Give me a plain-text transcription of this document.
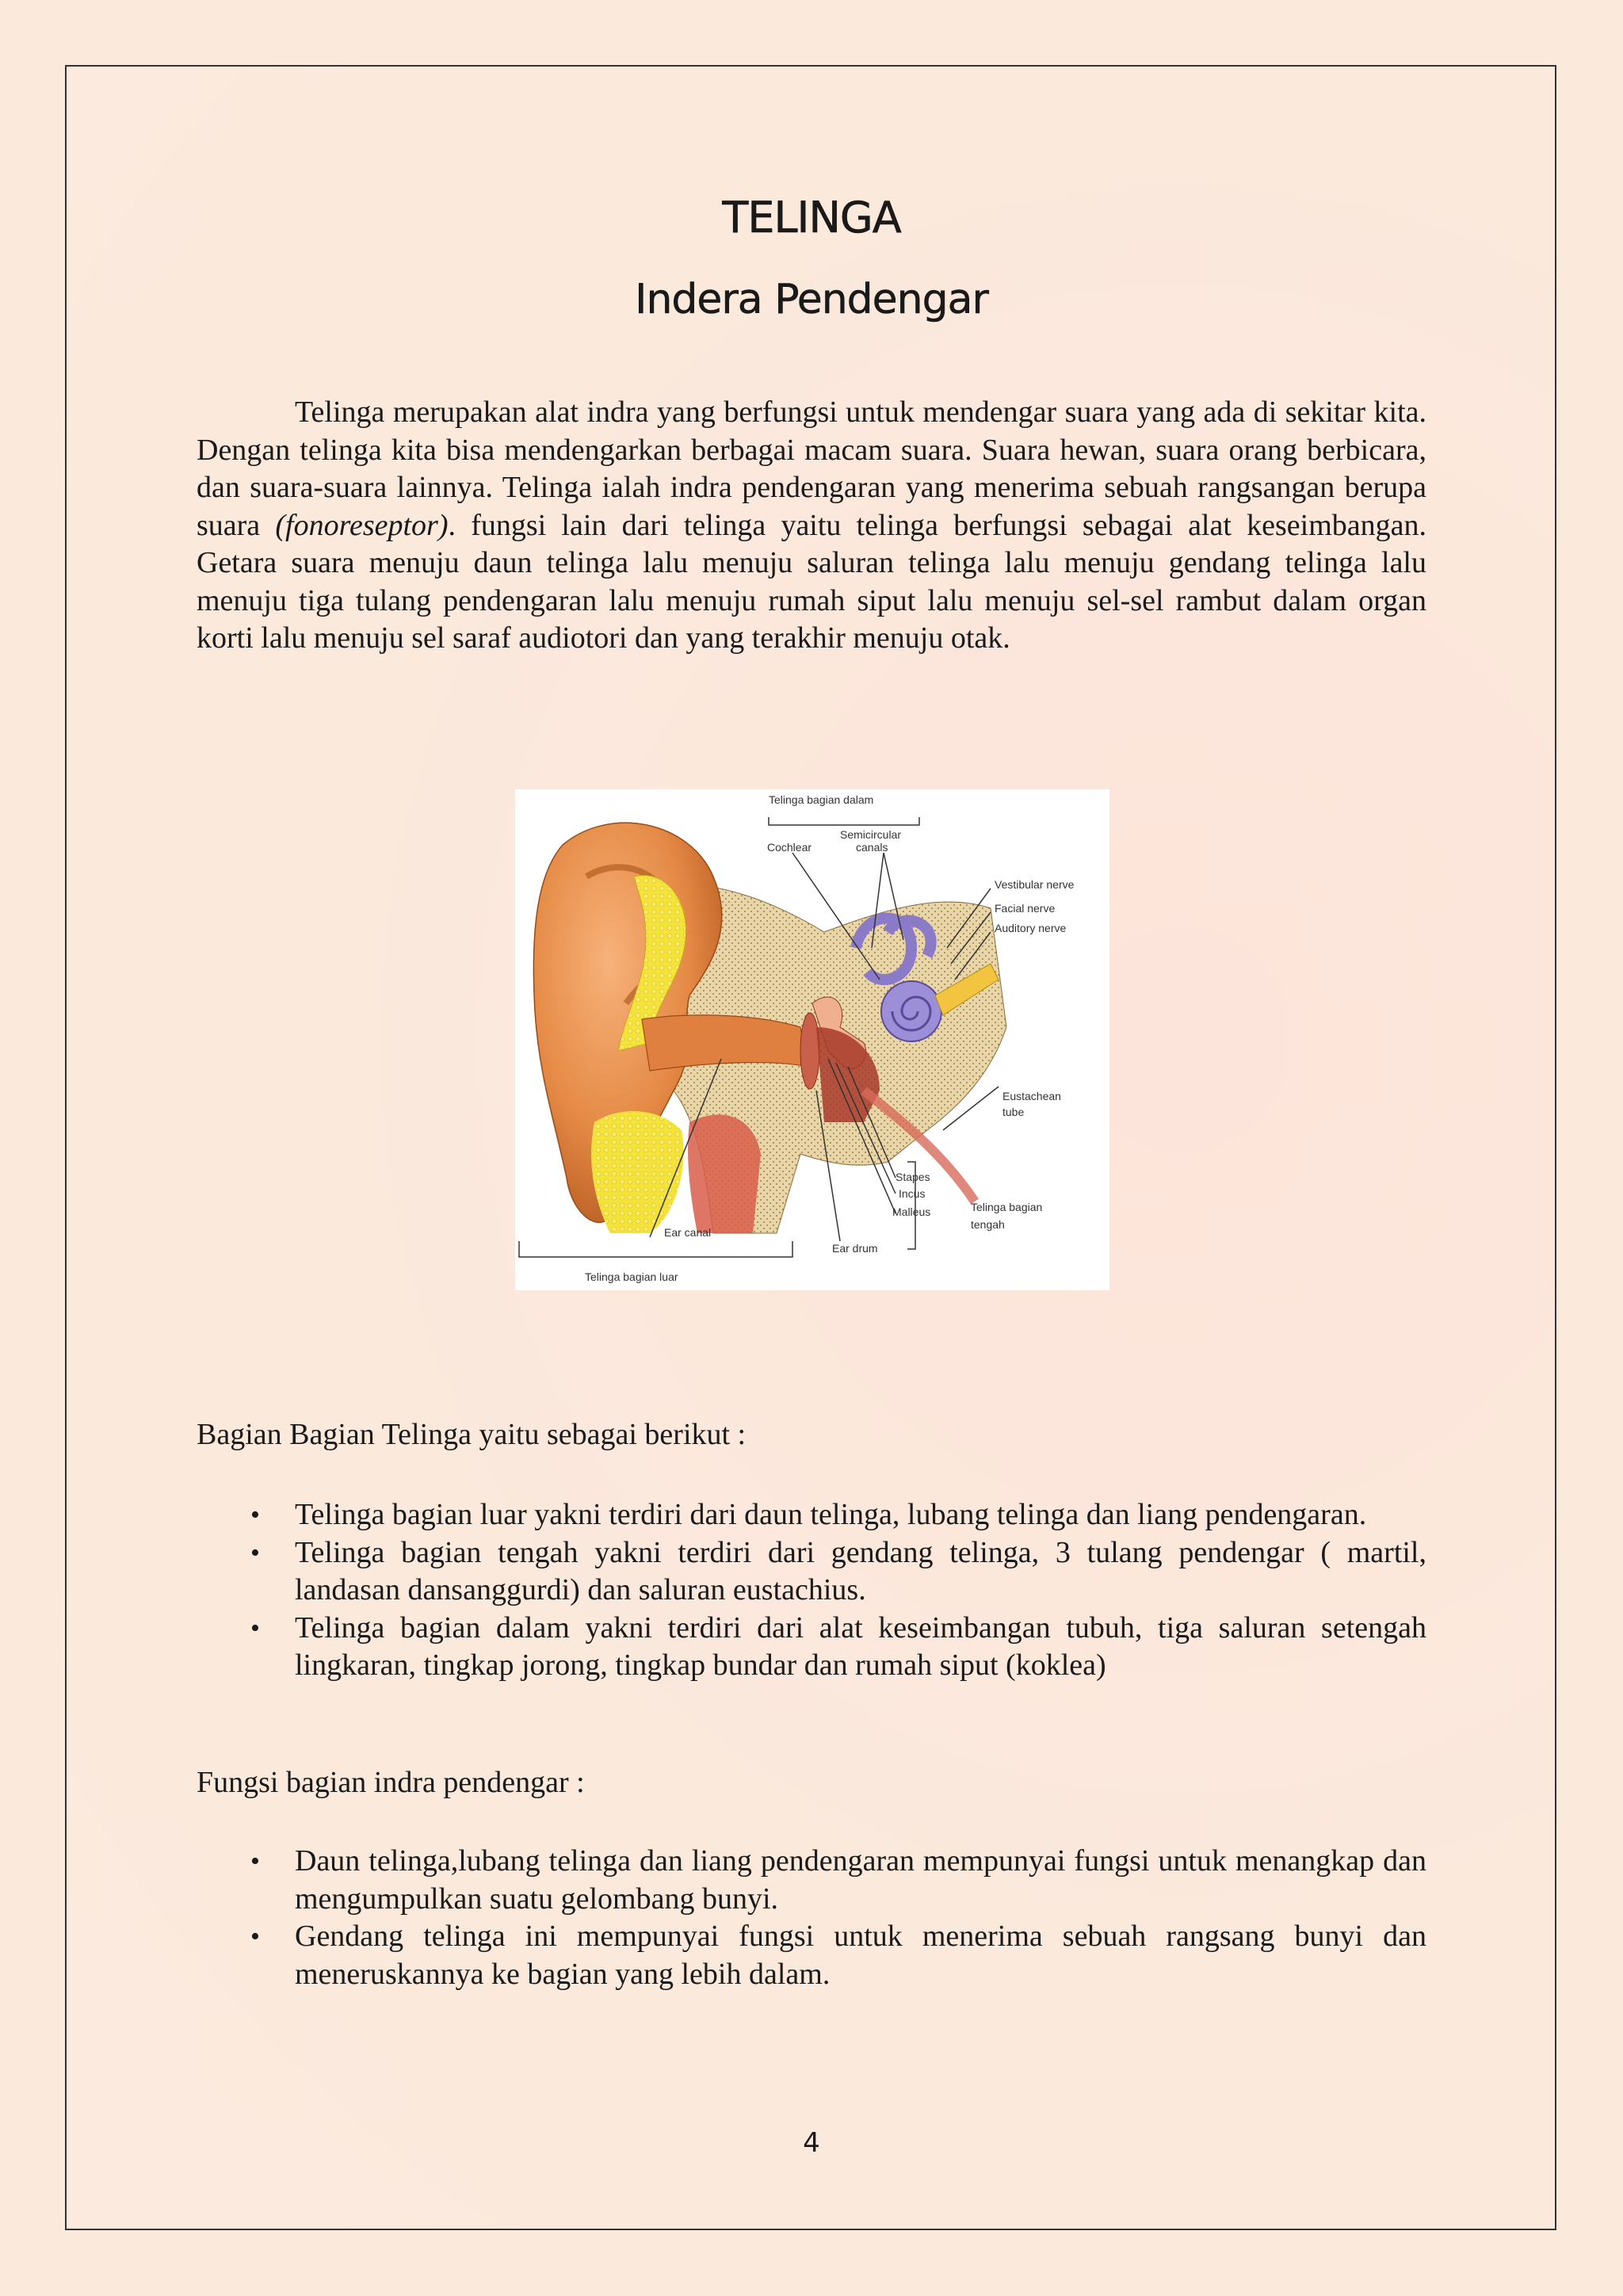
TELINGA
Indera Pendengar

Telinga merupakan alat indra yang berfungsi untuk mendengar suara yang ada di sekitar kita. Dengan telinga kita bisa mendengarkan berbagai macam suara. Suara hewan, suara orang berbicara, dan suara-suara lainnya. Telinga ialah indra pendengaran yang menerima sebuah rangsangan berupa suara (fonoreseptor). fungsi lain dari telinga yaitu telinga berfungsi sebagai alat keseimbangan. Getara suara menuju daun telinga lalu menuju saluran telinga lalu menuju gendang telinga lalu menuju tiga tulang pendengaran lalu menuju rumah siput lalu menuju sel-sel rambut dalam organ korti lalu menuju sel saraf audiotori dan yang terakhir menuju otak.

Telinga bagian dalam
Cochlear
Semicircular
canals
Vestibular nerve
Facial nerve
Auditory nerve
Eustachean
tube
Stapes
Incus
Malleus	Telinga bagian
tengah
Ear canal
Ear drum
Telinga bagian luar

Bagian Bagian Telinga yaitu sebagai berikut :

• Telinga bagian luar yakni terdiri dari daun telinga, lubang telinga dan liang pendengaran.
• Telinga bagian tengah yakni terdiri dari gendang telinga, 3 tulang pendengar ( martil, landasan dansanggurdi) dan saluran eustachius.
• Telinga bagian dalam yakni terdiri dari alat keseimbangan tubuh, tiga saluran setengah lingkaran, tingkap jorong, tingkap bundar dan rumah siput (koklea)

Fungsi bagian indra pendengar :

• Daun telinga,lubang telinga dan liang pendengaran mempunyai fungsi untuk menangkap dan mengumpulkan suatu gelombang bunyi.
• Gendang telinga ini mempunyai fungsi untuk menerima sebuah rangsang bunyi dan meneruskannya ke bagian yang lebih dalam.
4
